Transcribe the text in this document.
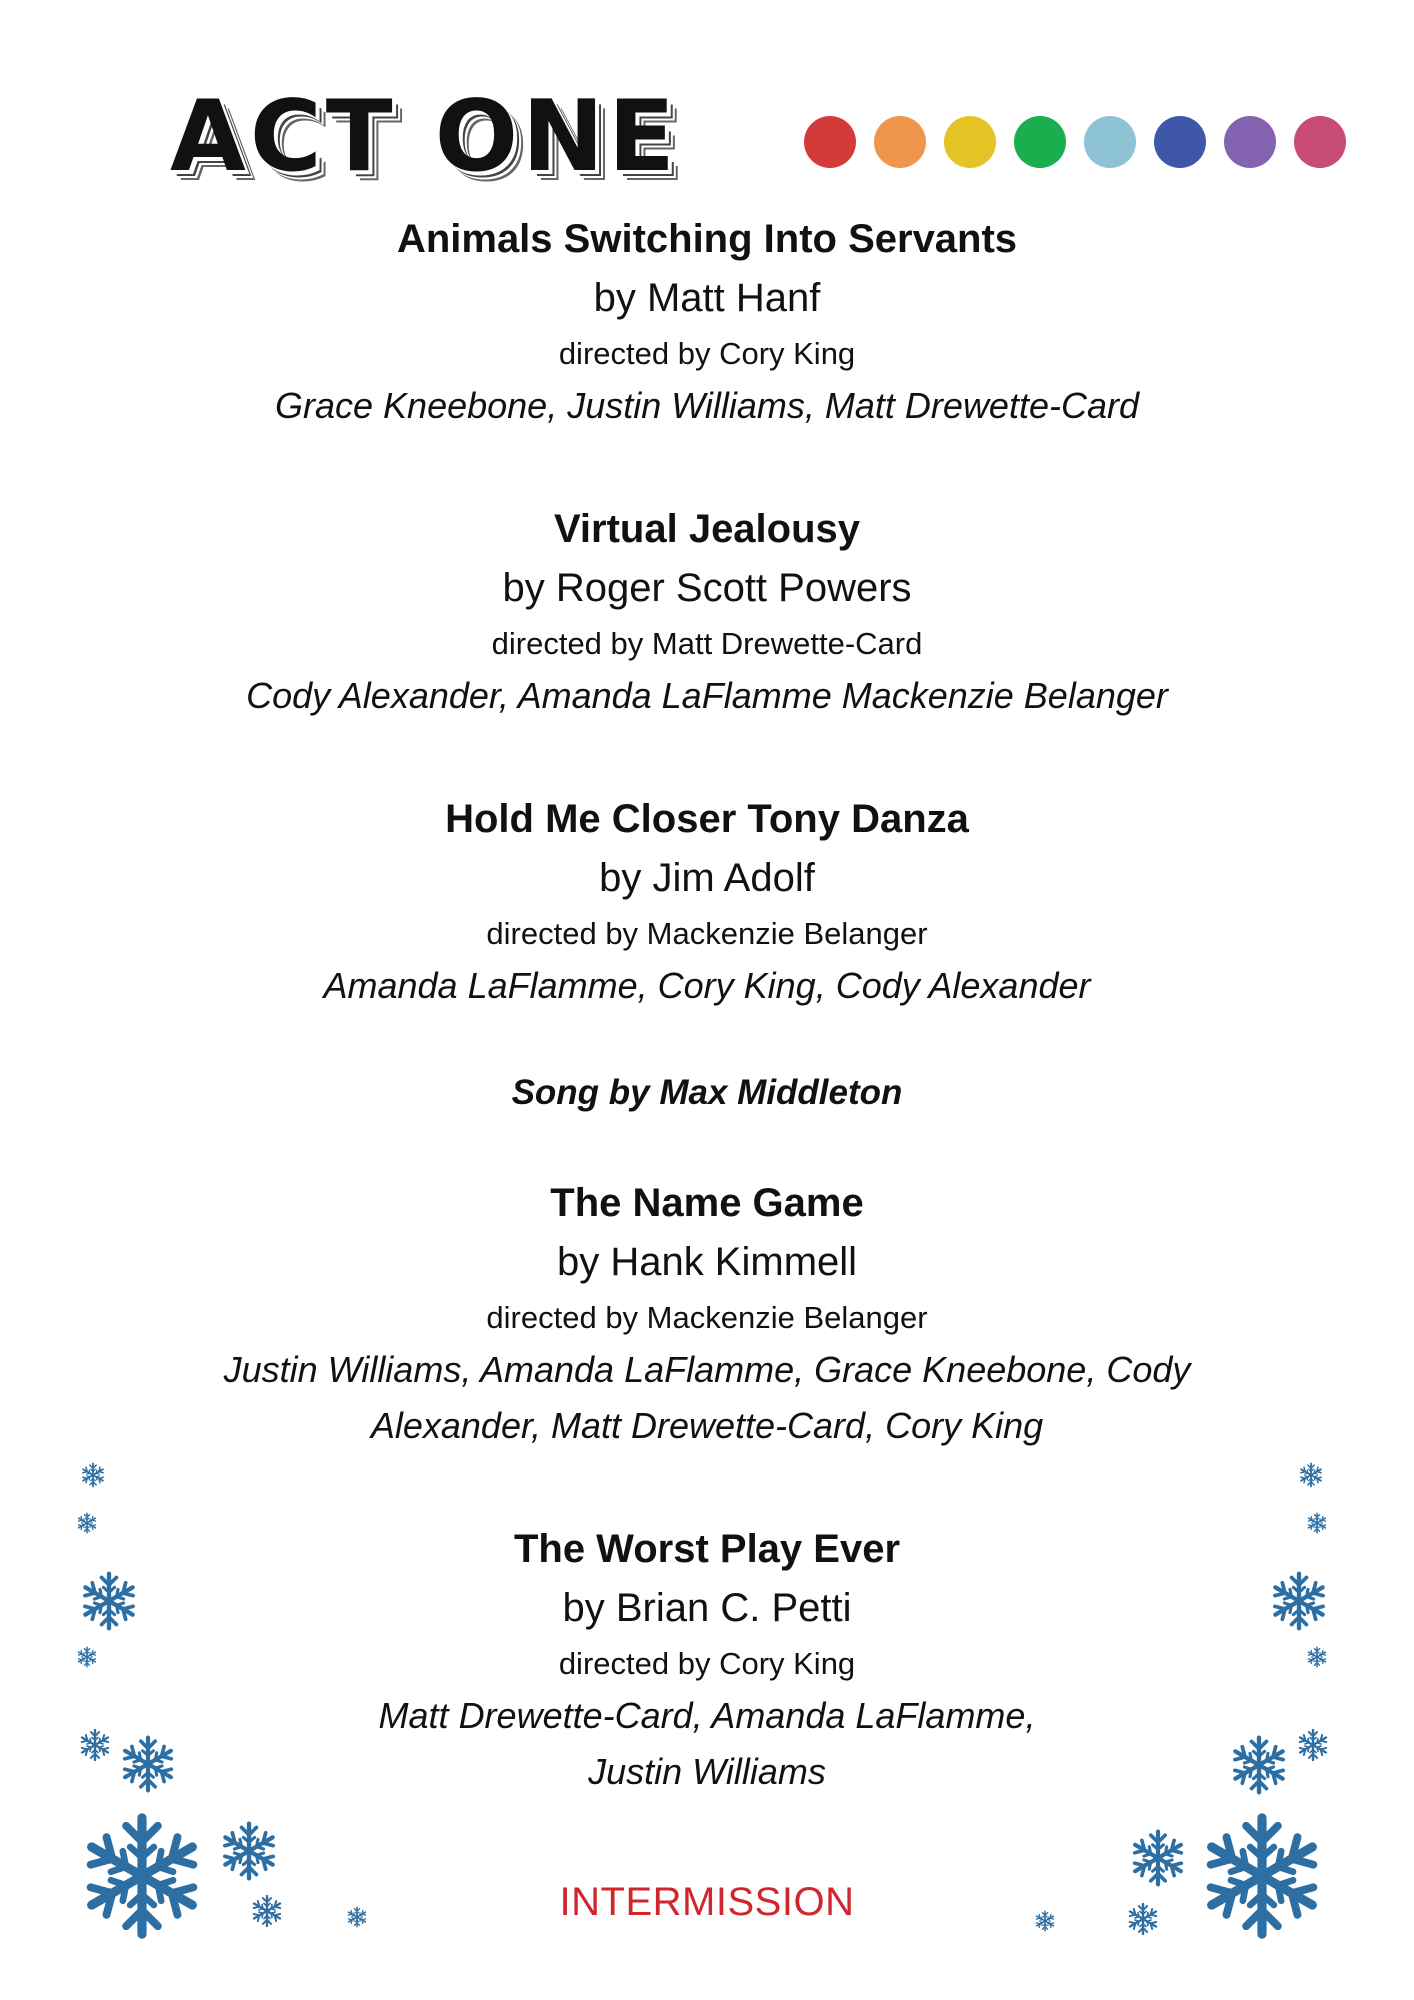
ACT ONE
Animals Switching Into Servants
by Matt Hanf
directed by Cory King
Grace Kneebone, Justin Williams, Matt Drewette-Card
Virtual Jealousy
by Roger Scott Powers
directed by Matt Drewette-Card
Cody Alexander, Amanda LaFlamme Mackenzie Belanger
Hold Me Closer Tony Danza
by Jim Adolf
directed by Mackenzie Belanger
Amanda LaFlamme, Cory King, Cody Alexander
Song by Max Middleton
The Name Game
by Hank Kimmell
directed by Mackenzie Belanger
Justin Williams, Amanda LaFlamme, Grace Kneebone, Cody Alexander, Matt Drewette-Card, Cory King
The Worst Play Ever
by Brian C. Petti
directed by Cory King
Matt Drewette-Card, Amanda LaFlamme, Justin Williams
INTERMISSION
